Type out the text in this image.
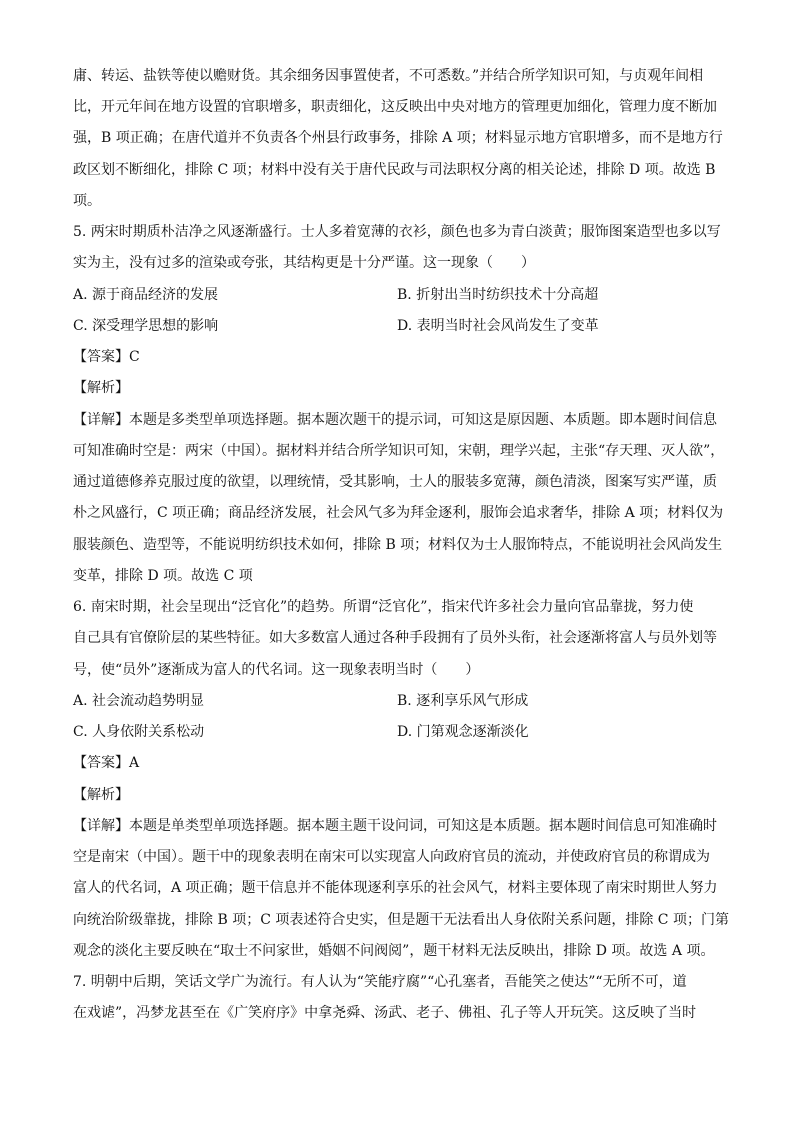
庸、转运、盐铁等使以赡财货。其余细务因事置使者，不可悉数。”并结合所学知识可知，与贞观年间相
比，开元年间在地方设置的官职增多，职责细化，这反映出中央对地方的管理更加细化，管理力度不断加
强，B 项正确；在唐代道并不负责各个州县行政事务，排除 A 项；材料显示地方官职增多，而不是地方行
政区划不断细化，排除 C 项；材料中没有关于唐代民政与司法职权分离的相关论述，排除 D 项。故选 B
项。
5. 两宋时期质朴洁净之风逐渐盛行。士人多着宽薄的衣衫，颜色也多为青白淡黄；服饰图案造型也多以写
实为主，没有过多的渲染或夸张，其结构更是十分严谨。这一现象（　　）
A. 源于商品经济的发展	B. 折射出当时纺织技术十分高超
C. 深受理学思想的影响	D. 表明当时社会风尚发生了变革
【答案】C
【解析】
【详解】本题是多类型单项选择题。据本题次题干的提示词，可知这是原因题、本质题。即本题时间信息
可知准确时空是：两宋（中国）。据材料并结合所学知识可知，宋朝，理学兴起，主张“存天理、灭人欲”，
通过道德修养克服过度的欲望，以理统情，受其影响，士人的服装多宽薄，颜色清淡，图案写实严谨，质
朴之风盛行，C 项正确；商品经济发展，社会风气多为拜金逐利，服饰会追求奢华，排除 A 项；材料仅为
服装颜色、造型等，不能说明纺织技术如何，排除 B 项；材料仅为士人服饰特点，不能说明社会风尚发生
变革，排除 D 项。故选 C 项
6. 南宋时期，社会呈现出“泛官化”的趋势。所谓“泛官化”，指宋代许多社会力量向官品靠拢，努力使
自己具有官僚阶层的某些特征。如大多数富人通过各种手段拥有了员外头衔，社会逐渐将富人与员外划等
号，使“员外”逐渐成为富人的代名词。这一现象表明当时（　　）
A. 社会流动趋势明显	B. 逐利享乐风气形成
C. 人身依附关系松动	D. 门第观念逐渐淡化
【答案】A
【解析】
【详解】本题是单类型单项选择题。据本题主题干设问词，可知这是本质题。据本题时间信息可知准确时
空是南宋（中国）。题干中的现象表明在南宋可以实现富人向政府官员的流动，并使政府官员的称谓成为
富人的代名词，A 项正确；题干信息并不能体现逐利享乐的社会风气，材料主要体现了南宋时期世人努力
向统治阶级靠拢，排除 B 项；C 项表述符合史实，但是题干无法看出人身依附关系问题，排除 C 项；门第
观念的淡化主要反映在“取士不问家世，婚姻不问阀阅”，题干材料无法反映出，排除 D 项。故选 A 项。
7. 明朝中后期，笑话文学广为流行。有人认为“笑能疗腐”“心孔塞者，吾能笑之使达”“无所不可，道
在戏谑”，冯梦龙甚至在《广笑府序》中拿尧舜、汤武、老子、佛祖、孔子等人开玩笑。这反映了当时
